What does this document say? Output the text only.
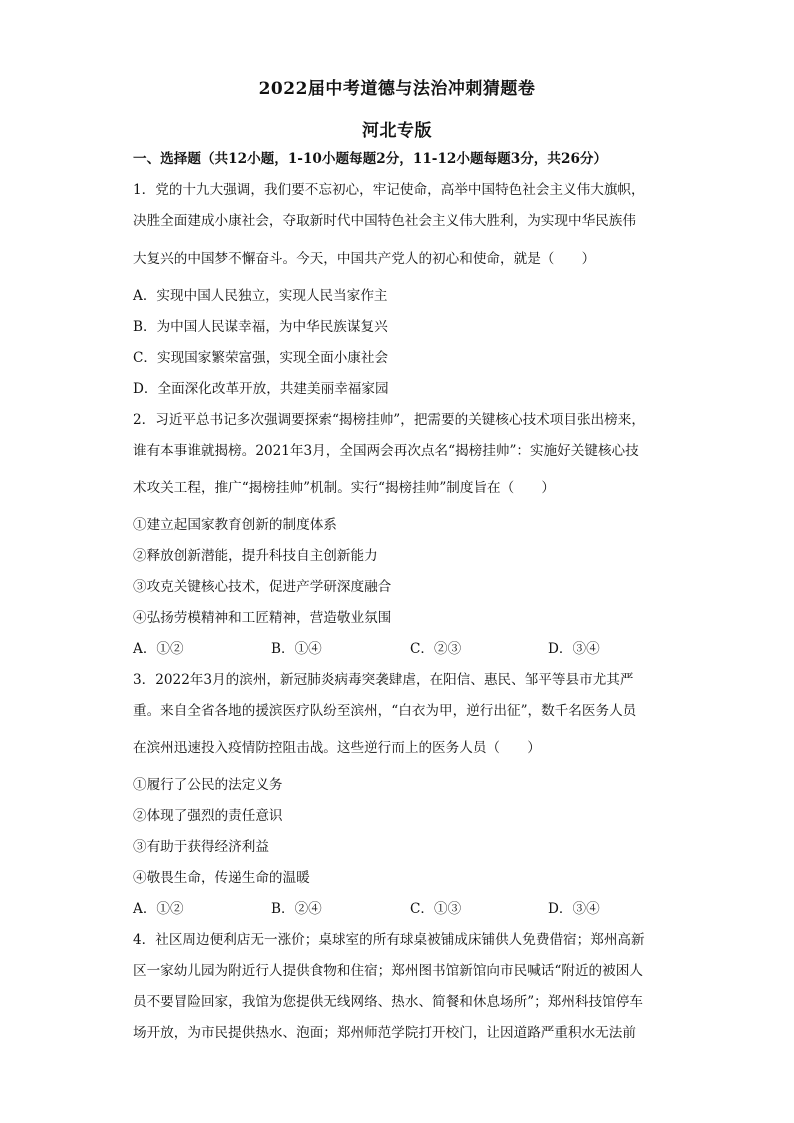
2022届中考道德与法治冲刺猜题卷
河北专版
一、选择题（共12小题，1-10小题每题2分，11-12小题每题3分，共26分）
1．党的十九大强调，我们要不忘初心，牢记使命，高举中国特色社会主义伟大旗帜，
决胜全面建成小康社会，夺取新时代中国特色社会主义伟大胜利，为实现中华民族伟
大复兴的中国梦不懈奋斗。今天，中国共产党人的初心和使命，就是（　　）
A．实现中国人民独立，实现人民当家作主
B．为中国人民谋幸福，为中华民族谋复兴
C．实现国家繁荣富强，实现全面小康社会
D．全面深化改革开放，共建美丽幸福家园
2．习近平总书记多次强调要探索“揭榜挂帅”，把需要的关键核心技术项目张出榜来，
谁有本事谁就揭榜。2021年3月，全国两会再次点名“揭榜挂帅”：实施好关键核心技
术攻关工程，推广“揭榜挂帅”机制。实行“揭榜挂帅”制度旨在（　　）
①建立起国家教育创新的制度体系
②释放创新潜能，提升科技自主创新能力
③攻克关键核心技术，促进产学研深度融合
④弘扬劳模精神和工匠精神，营造敬业氛围
A．①②	B．①④	C．②③	D．③④
3．2022年3月的滨州，新冠肺炎病毒突袭肆虐，在阳信、惠民、邹平等县市尤其严
重。来自全省各地的援滨医疗队纷至滨州，“白衣为甲，逆行出征”，数千名医务人员
在滨州迅速投入疫情防控阻击战。这些逆行而上的医务人员（　　）
①履行了公民的法定义务
②体现了强烈的责任意识
③有助于获得经济利益
④敬畏生命，传递生命的温暖
A．①②	B．②④	C．①③	D．③④
4．社区周边便利店无一涨价；桌球室的所有球桌被铺成床铺供人免费借宿；郑州高新
区一家幼儿园为附近行人提供食物和住宿；郑州图书馆新馆向市民喊话“附近的被困人
员不要冒险回家，我馆为您提供无线网络、热水、简餐和休息场所”；郑州科技馆停车
场开放，为市民提供热水、泡面；郑州师范学院打开校门，让因道路严重积水无法前
